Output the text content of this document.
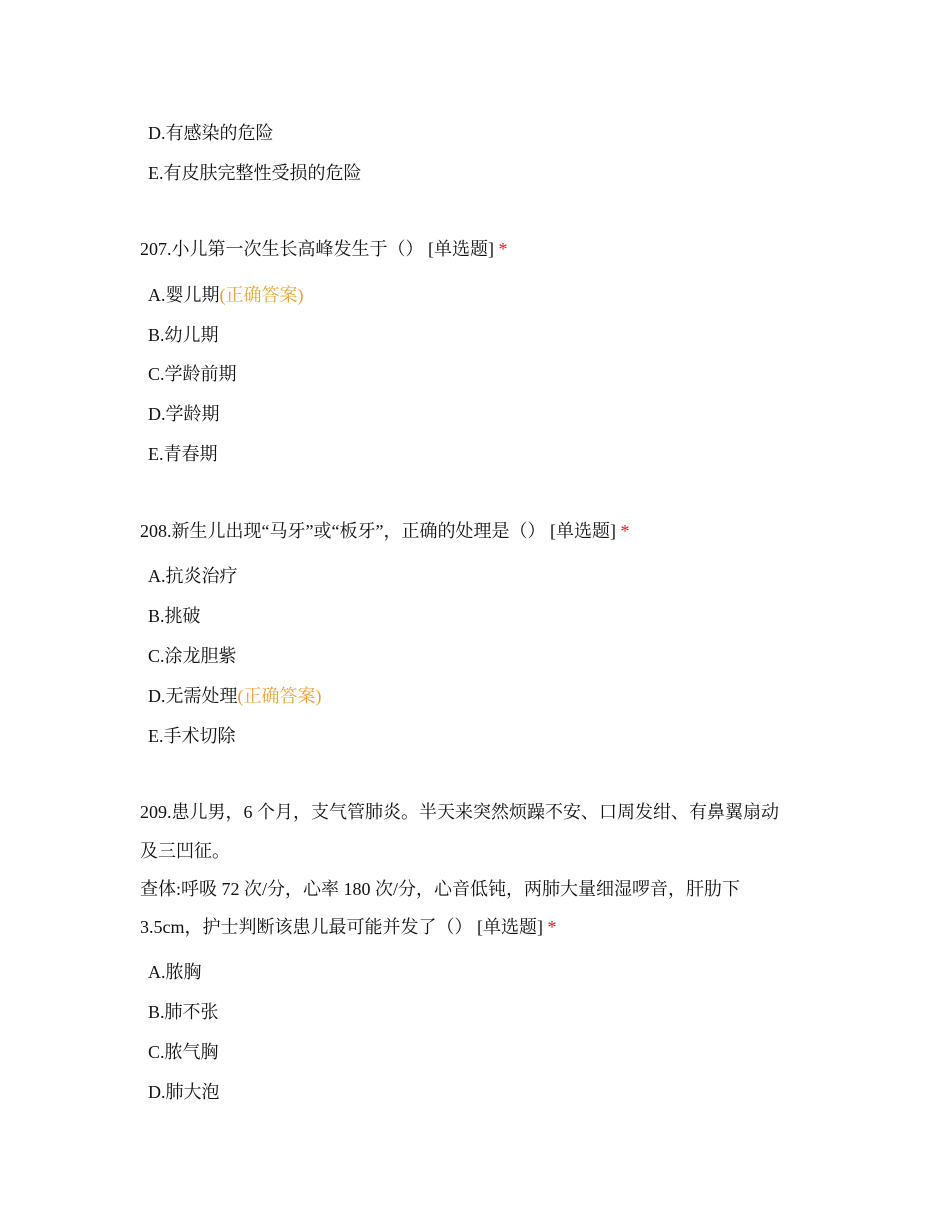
D.有感染的危险
E.有皮肤完整性受损的危险
207.小儿第一次生长高峰发生于（） [单选题] *
A.婴儿期(正确答案)
B.幼儿期
C.学龄前期
D.学龄期
E.青春期
208.新生儿出现“马牙”或“板牙”，正确的处理是（） [单选题] *
A.抗炎治疗
B.挑破
C.涂龙胆紫
D.无需处理(正确答案)
E.手术切除
209.患儿男，6 个月，支气管肺炎。半天来突然烦躁不安、口周发绀、有鼻翼扇动
及三凹征。
查体:呼吸 72 次/分，心率 180 次/分，心音低钝，两肺大量细湿啰音，肝肋下
3.5cm，护士判断该患儿最可能并发了（） [单选题] *
A.脓胸
B.肺不张
C.脓气胸
D.肺大泡
